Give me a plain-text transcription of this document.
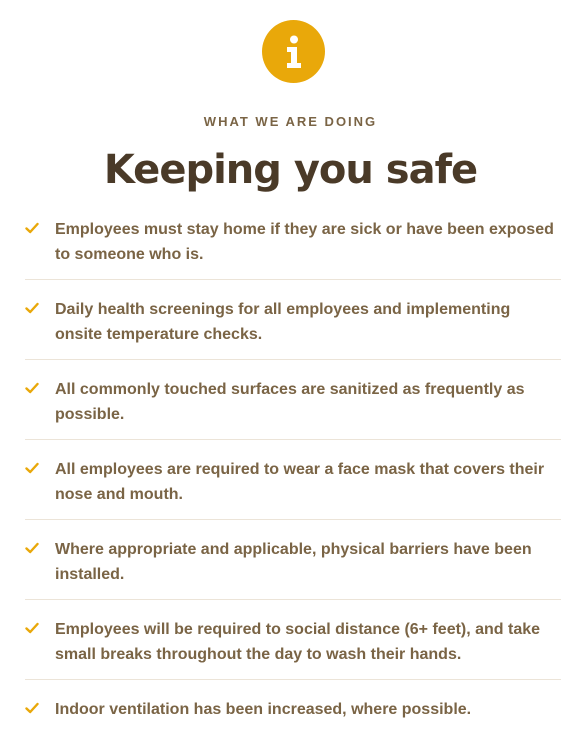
WHAT WE ARE DOING

Keeping you safe
Employees must stay home if they are sick or have been exposed to someone who is.
Daily health screenings for all employees and implementing onsite temperature checks.
All commonly touched surfaces are sanitized as frequently as possible.
All employees are required to wear a face mask that covers their nose and mouth.
Where appropriate and applicable, physical barriers have been installed.
Employees will be required to social distance (6+ feet), and take small breaks throughout the day to wash their hands.
Indoor ventilation has been increased, where possible.
